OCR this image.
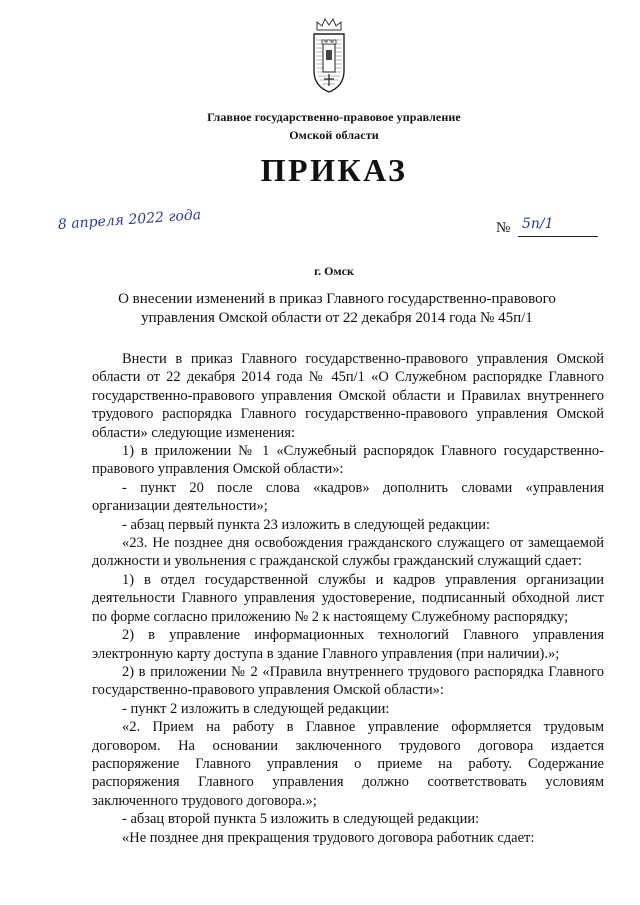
Главное государственно-правовое управление
Омской области
ПРИКАЗ
8 апреля 2022 года	№ 5п/1
г. Омск
О внесении изменений в приказ Главного государственно-правового управления Омской области от 22 декабря 2014 года № 45п/1

Внести в приказ Главного государственно-правового управления Омской области от 22 декабря 2014 года № 45п/1 «О Служебном распорядке Главного государственно-правового управления Омской области и Правилах внутреннего трудового распорядка Главного государственно-правового управления Омской области» следующие изменения:

1) в приложении № 1 «Служебный распорядок Главного государственно-правового управления Омской области»:

- пункт 20 после слова «кадров» дополнить словами «управления организации деятельности»;

- абзац первый пункта 23 изложить в следующей редакции:

«23. Не позднее дня освобождения гражданского служащего от замещаемой должности и увольнения с гражданской службы гражданский служащий сдает:

1) в отдел государственной службы и кадров управления организации деятельности Главного управления удостоверение, подписанный обходной лист по форме согласно приложению № 2 к настоящему Служебному распорядку;

2) в управление информационных технологий Главного управления электронную карту доступа в здание Главного управления (при наличии).»;

2) в приложении № 2 «Правила внутреннего трудового распорядка Главного государственно-правового управления Омской области»:

- пункт 2 изложить в следующей редакции:

«2. Прием на работу в Главное управление оформляется трудовым договором. На основании заключенного трудового договора издается распоряжение Главного управления о приеме на работу. Содержание распоряжения Главного управления должно соответствовать условиям заключенного трудового договора.»;

- абзац второй пункта 5 изложить в следующей редакции:

«Не позднее дня прекращения трудового договора работник сдает:
